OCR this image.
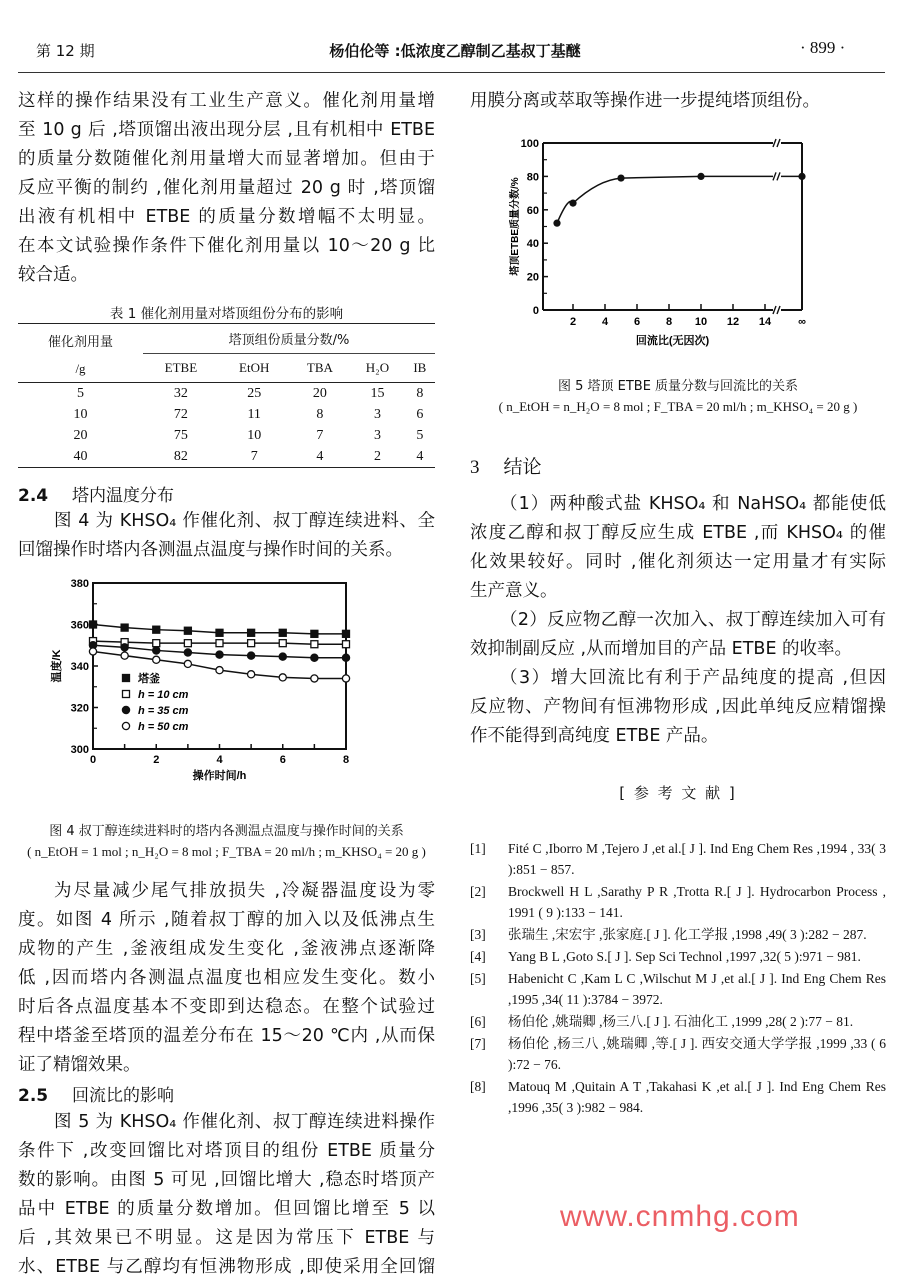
第 12 期	杨伯伦等 :低浓度乙醇制乙基叔丁基醚	· 899 ·
这样的操作结果没有工业生产意义。催化剂用量增
至 10 g 后 ,塔顶馏出液出现分层 ,且有机相中 ETBE
的质量分数随催化剂用量增大而显著增加。但由于
反应平衡的制约 ,催化剂用量超过 20 g 时 ,塔顶馏
出液有机相中 ETBE 的质量分数增幅不太明显。
在本文试验操作条件下催化剂用量以 10～20 g 比
较合适。
表 1 催化剂用量对塔顶组份分布的影响
催化剂用量
/g	塔顶组份质量分数/%				
	ETBE	EtOH	TBA	H₂O	IB
5	32	25	20	15	8
10	72	11	8	3	6
20	75	10	7	3	5
40	82	7	4	2	4
2.4 塔内温度分布
图 4 为 KHSO₄ 作催化剂、叔丁醇连续进料、全
回馏操作时塔内各测温点温度与操作时间的关系。
300
320
340
360
380
0	2	4	6	8
操作时间/h
温度/K	塔釜
h = 10 cm
h = 35 cm
h = 50 cm
图 4 叔丁醇连续进料时的塔内各测温点温度与操作时间的关系
( n_EtOH = 1 mol ; n_H₂O = 8 mol ; F_TBA = 20 ml/h ; m_KHSO₄ = 20 g )
为尽量减少尾气排放损失 ,冷凝器温度设为零
度。如图 4 所示 ,随着叔丁醇的加入以及低沸点生
成物的产生 ,釜液组成发生变化 ,釜液沸点逐渐降
低 ,因而塔内各测温点温度也相应发生变化。数小
时后各点温度基本不变即到达稳态。在整个试验过
程中塔釜至塔顶的温差分布在 15～20 ℃内 ,从而保
证了精馏效果。
2.5 回流比的影响
图 5 为 KHSO₄ 作催化剂、叔丁醇连续进料操作
条件下 ,改变回馏比对塔顶目的组份 ETBE 质量分
数的影响。由图 5 可见 ,回馏比增大 ,稳态时塔顶产
品中 ETBE 的质量分数增加。但回馏比增至 5 以
后 ,其效果已不明显。这是因为常压下 ETBE 与
水、ETBE 与乙醇均有恒沸物形成 ,即使采用全回馏
用膜分离或萃取等操作进一步提纯塔顶组份。
0
20
40
60
80
100
2 4 6 8 10 12 14 ∞
回流比(无因次)
塔顶ETBE质量分数/%
图 5 塔顶 ETBE 质量分数与回流比的关系
( n_EtOH = n_H₂O = 8 mol ; F_TBA = 20 ml/h ; m_KHSO₄ = 20 g )
3 结论
（1）两种酸式盐 KHSO₄ 和 NaHSO₄ 都能使低
浓度乙醇和叔丁醇反应生成 ETBE ,而 KHSO₄ 的催
化效果较好。同时 ,催化剂须达一定用量才有实际
生产意义。
（2）反应物乙醇一次加入、叔丁醇连续加入可有
效抑制副反应 ,从而增加目的产品 ETBE 的收率。
（3）增大回流比有利于产品纯度的提高 ,但因
反应物、产物间有恒沸物形成 ,因此单纯反应精馏操
作不能得到高纯度 ETBE 产品。
[ 参 考 文 献 ]
[1] Fité C ,Iborro M ,Tejero J ,et al.[ J ]. Ind Eng Chem Res ,1994 , 33( 3 ):851 − 857.
[2] Brockwell H L ,Sarathy P R ,Trotta R.[ J ]. Hydrocarbon Process , 1991 ( 9 ):133 − 141.
[3] 张瑞生 ,宋宏宇 ,张家庭.[ J ]. 化工学报 ,1998 ,49( 3 ):282 − 287.
[4] Yang B L ,Goto S.[ J ]. Sep Sci Technol ,1997 ,32( 5 ):971 − 981.
[5] Habenicht C ,Kam L C ,Wilschut M J ,et al.[ J ]. Ind Eng Chem Res ,1995 ,34( 11 ):3784 − 3972.
[6] 杨伯伦 ,姚瑞卿 ,杨三八.[ J ]. 石油化工 ,1999 ,28( 2 ):77 − 81.
[7] 杨伯伦 ,杨三八 ,姚瑞卿 ,等.[ J ]. 西安交通大学学报 ,1999 ,33 ( 6 ):72 − 76.
[8] Matouq M ,Quitain A T ,Takahasi K ,et al.[ J ]. Ind Eng Chem Res ,1996 ,35( 3 ):982 − 984.
www.cnmhg.com
